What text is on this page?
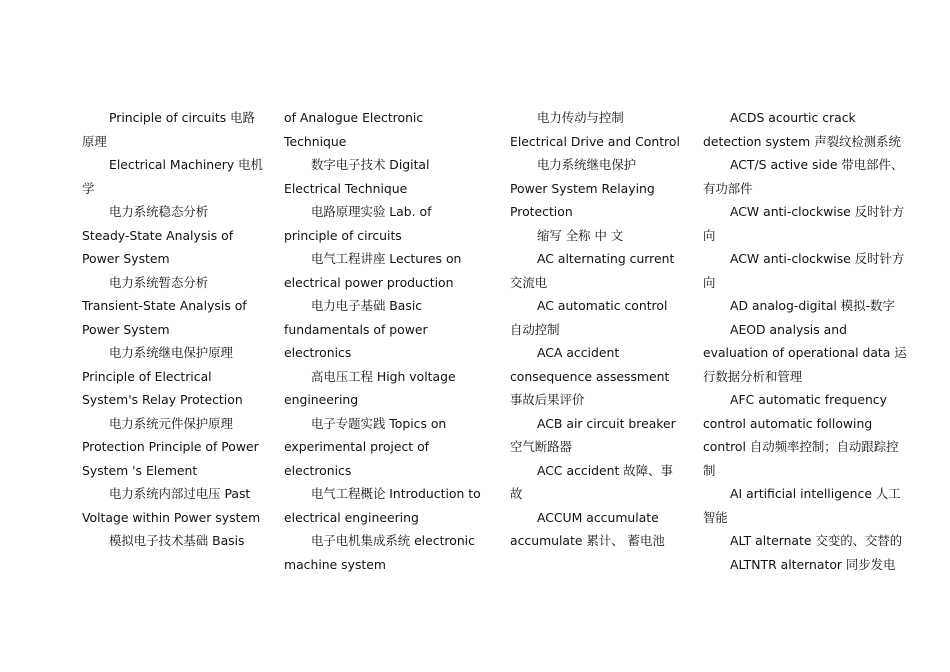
Principle of circuits 电路原理

Electrical Machinery 电机学

电力系统稳态分析

Steady-State Analysis of Power System

电力系统暂态分析

Transient-State Analysis of Power System

电力系统继电保护原理

Principle of Electrical System's Relay Protection

电力系统元件保护原理

Protection Principle of Power System 's Element

电力系统内部过电压 Past

Voltage within Power system

模拟电子技术基础 Basis

of Analogue Electronic Technique

数字电子技术 Digital Electrical Technique

电路原理实验 Lab. of principle of circuits

电气工程讲座 Lectures on electrical power production

电力电子基础 Basic fundamentals of power electronics

高电压工程 High voltage engineering

电子专题实践 Topics on experimental project of electronics

电气工程概论 Introduction to electrical engineering

电子电机集成系统 electronic machine system

电力传动与控制

Electrical Drive and Control

电力系统继电保护

Power System Relaying Protection

缩写 全称 中 文

AC alternating current 交流电

AC automatic control 自动控制

ACA accident consequence assessment 事故后果评价

ACB air circuit breaker 空气断路器

ACC accident 故障、事故

ACCUM accumulate accumulate 累计、 蓄电池

ACDS acourtic crack detection system 声裂纹检测系统

ACT/S active side 带电部件、有功部件

ACW anti-clockwise 反时针方向

ACW anti-clockwise 反时针方向

AD analog-digital 模拟-数字

AEOD analysis and evaluation of operational data 运行数据分析和管理

AFC automatic frequency control automatic following control 自动频率控制；自动跟踪控制

AI artificial intelligence 人工智能

ALT alternate 交变的、交替的

ALTNTR alternator 同步发电
